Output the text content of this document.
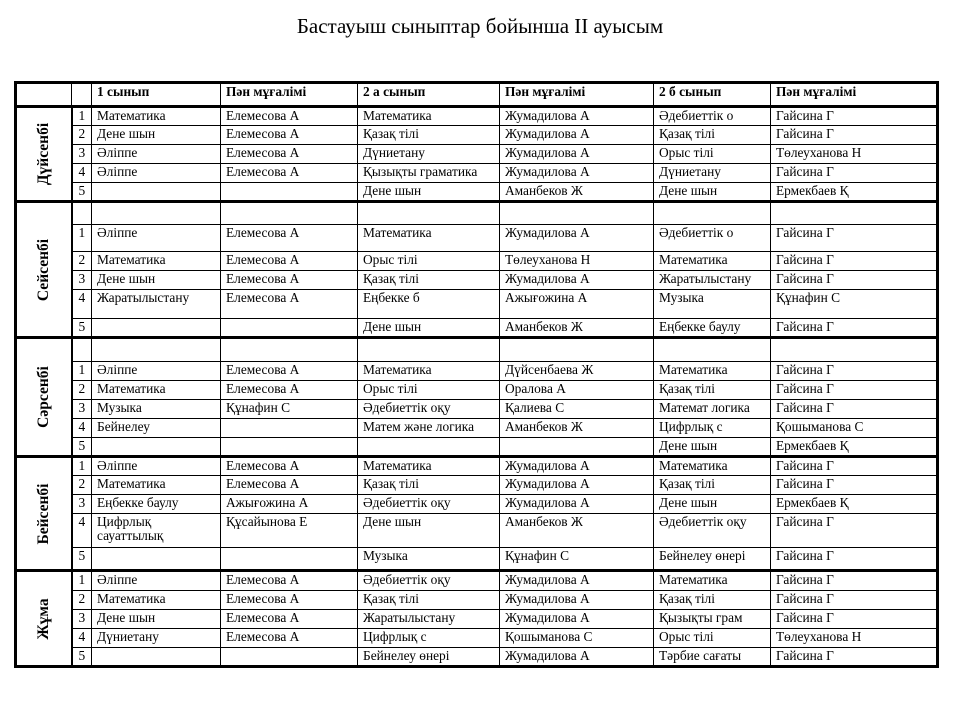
Бастауыш сыныптар бойынша II ауысым
		1 сынып	Пән мұғалімі	2 а сынып	Пән мұғалімі	2 б сынып	Пән мұғалімі

Дүйсенбі	1	Математика	Елемесова А	Математика	Жумадилова А	Әдебиеттік о	Гайсина Г
	2	Дене шын	Елемесова А	Қазақ тілі	Жумадилова А	Қазақ тілі	Гайсина Г
	3	Әліппе	Елемесова А	Дүниетану	Жумадилова А	Орыс тілі	Төлеуханова Н
	4	Әліппе	Елемесова А	Қызықты граматика	Жумадилова А	Дүниетану	Гайсина Г
	5			Дене шын	Аманбеков Ж	Дене шын	Ермекбаев Қ

Сейсенбі							

	1	Әліппе	Елемесова А	Математика	Жумадилова А	Әдебиеттік о	Гайсина Г
	2	Математика	Елемесова А	Орыс тілі	Төлеуханова Н	Математика	Гайсина Г
	3	Дене шын	Елемесова А	Қазақ тілі	Жумадилова А	Жаратылыстану	Гайсина Г
	4	Жаратылыстану	Елемесова А	Еңбекке б	Ажығожина А	Музыка	Құнафин С
	5			Дене шын	Аманбеков Ж	Еңбекке баулу	Гайсина Г

Сәрсенбі							

	1	Әліппе	Елемесова А	Математика	Дүйсенбаева Ж	Математика	Гайсина Г
	2	Математика	Елемесова А	Орыс тілі	Оралова А	Қазақ тілі	Гайсина Г
	3	Музыка	Құнафин С	Әдебиеттік оқу	Қалиева С	Математ логика	Гайсина Г
	4	Бейнелеу		Матем және логика	Аманбеков Ж	Цифрлық с	Қошыманова С
	5					Дене шын	Ермекбаев Қ

Бейсенбі	1	Әліппе	Елемесова А	Математика	Жумадилова А	Математика	Гайсина Г
	2	Математика	Елемесова А	Қазақ тілі	Жумадилова А	Қазақ тілі	Гайсина Г
	3	Еңбекке баулу	Ажығожина А	Әдебиеттік оқу	Жумадилова А	Дене шын	Ермекбаев Қ
	4	Цифрлық сауаттылық	Құсайынова Е	Дене шын	Аманбеков Ж	Әдебиеттік оқу	Гайсина Г
	5			Музыка	Құнафин С	Бейнелеу өнері	Гайсина Г

Жұма	1	Әліппе	Елемесова А	Әдебиеттік оқу	Жумадилова А	Математика	Гайсина Г
	2	Математика	Елемесова А	Қазақ тілі	Жумадилова А	Қазақ тілі	Гайсина Г
	3	Дене шын	Елемесова А	Жаратылыстану	Жумадилова А	Қызықты грам	Гайсина Г
	4	Дүниетану	Елемесова А	Цифрлық с	Қошыманова С	Орыс тілі	Төлеуханова Н
	5			Бейнелеу өнері	Жумадилова А	Тәрбие сағаты	Гайсина Г
